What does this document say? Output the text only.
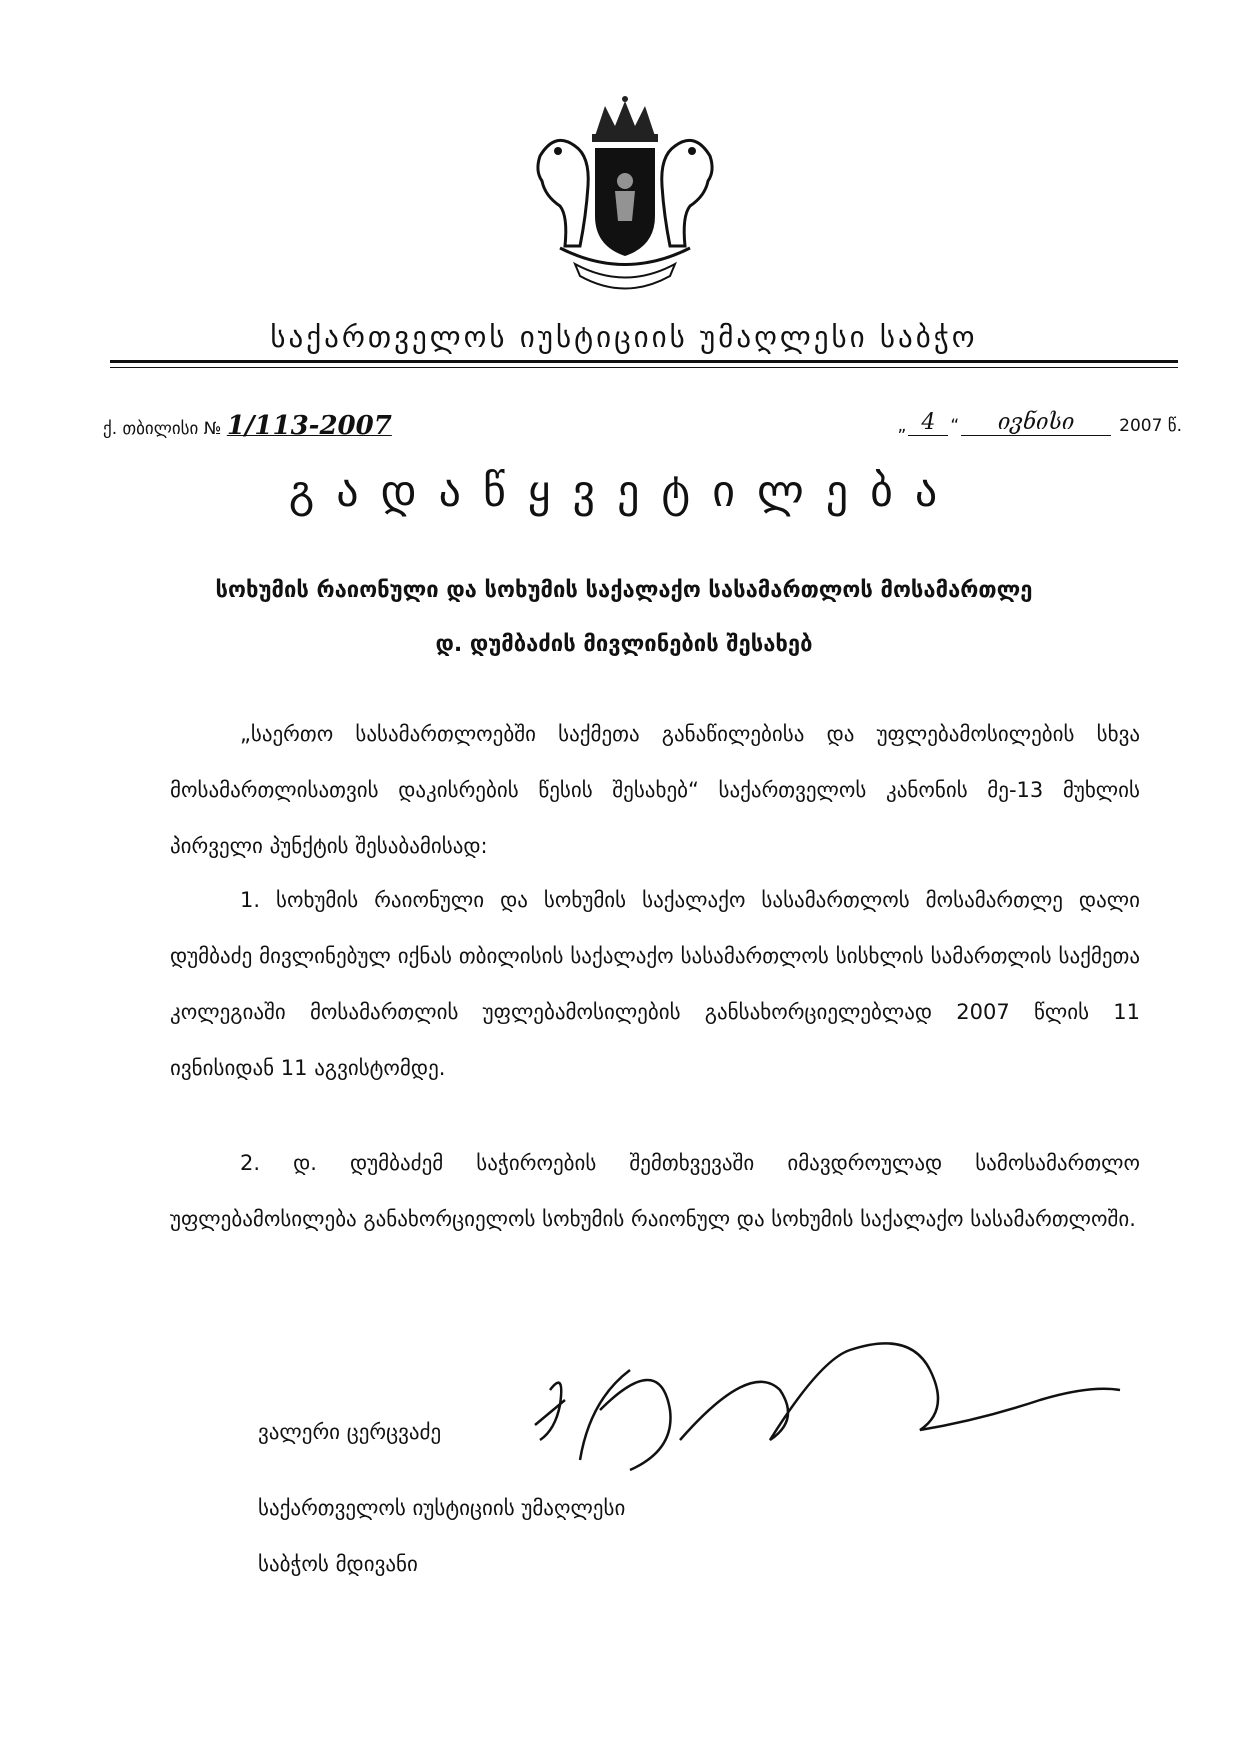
საქართველოს იუსტიციის უმაღლესი საბჭო
ქ. თბილისი № 1/113-2007	„ 4 “	ივნისი	2007 წ.
გადაწყვეტილება
სოხუმის რაიონული და სოხუმის საქალაქო სასამართლოს მოსამართლე
დ. დუმბაძის მივლინების შესახებ
„საერთო სასამართლოებში საქმეთა განაწილებისა და უფლებამოსილების სხვა მოსამართლისათვის დაკისრების წესის შესახებ“ საქართველოს კანონის მე-13 მუხლის პირველი პუნქტის შესაბამისად:
1. სოხუმის რაიონული და სოხუმის საქალაქო სასამართლოს მოსამართლე დალი დუმბაძე მივლინებულ იქნას თბილისის საქალაქო სასამართლოს სისხლის სამართლის საქმეთა კოლეგიაში მოსამართლის უფლებამოსილების განსახორციელებლად 2007 წლის 11 ივნისიდან 11 აგვისტომდე.
2. დ. დუმბაძემ საჭიროების შემთხვევაში იმავდროულად სამოსამართლო უფლებამოსილება განახორციელოს სოხუმის რაიონულ და სოხუმის საქალაქო სასამართლოში.
ვალერი ცერცვაძე
საქართველოს იუსტიციის უმაღლესი
საბჭოს მდივანი
